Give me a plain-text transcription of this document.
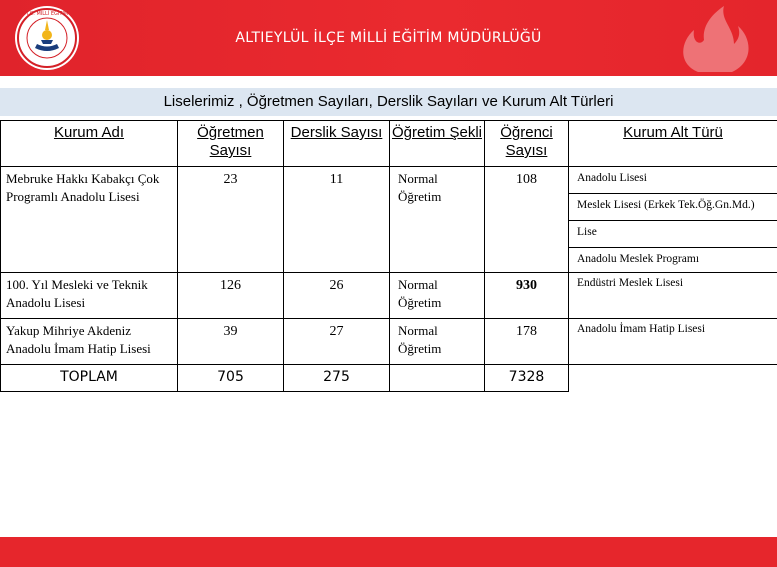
T.C. MİLLİ EĞİTİM
ALTIEYLÜL İLÇE MİLLİ EĞİTİM MÜDÜRLÜĞÜ
Liselerimiz , Öğretmen Sayıları, Derslik Sayıları ve Kurum Alt Türleri
Kurum Adı	Öğretmen Sayısı	Derslik Sayısı	Öğretim Şekli	Öğrenci Sayısı	Kurum Alt Türü
Mebruke Hakkı Kabakçı Çok Programlı Anadolu Lisesi	23	11	Normal Öğretim	108	Anadolu Lisesi
Meslek Lisesi (Erkek Tek.Öğ.Gn.Md.)
Lise
Anadolu Meslek Programı

100. Yıl Mesleki ve Teknik Anadolu Lisesi	126	26	Normal Öğretim	930	Endüstri Meslek Lisesi

Yakup Mihriye Akdeniz Anadolu İmam Hatip Lisesi	39	27	Normal Öğretim	178	Anadolu İmam Hatip Lisesi

TOPLAM	705	275		7328	
